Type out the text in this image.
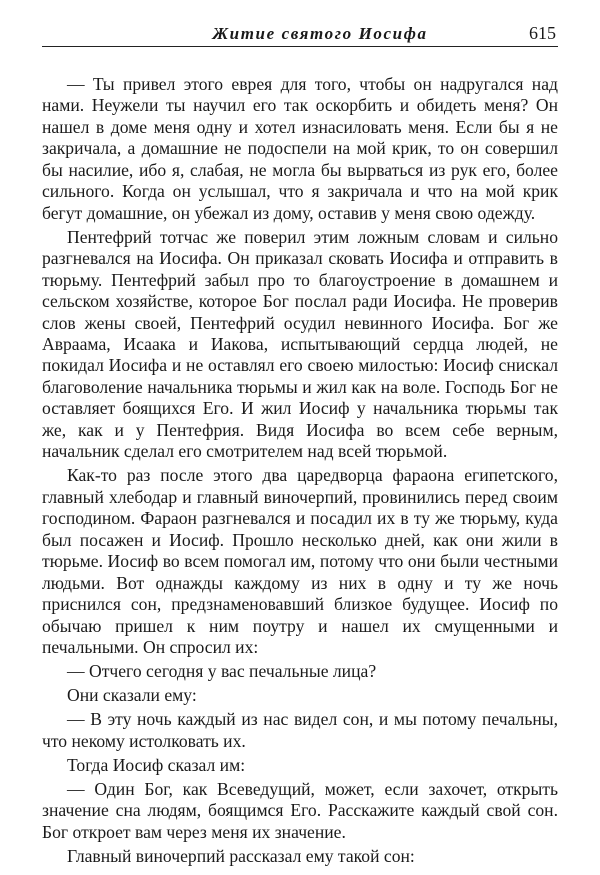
Житие святого Иосифа	615

— Ты привел этого еврея для того, чтобы он надругался над нами. Неужели ты научил его так оскорбить и обидеть меня? Он нашел в доме меня одну и хотел изнасиловать меня. Если бы я не закричала, а домашние не подоспели на мой крик, то он совершил бы насилие, ибо я, слабая, не могла бы вырваться из рук его, более сильного. Когда он услышал, что я закричала и что на мой крик бегут домашние, он убежал из дому, оставив у меня свою одежду.

Пентефрий тотчас же поверил этим ложным словам и сильно разгневался на Иосифа. Он приказал сковать Иосифа и отправить в тюрьму. Пентефрий забыл про то благоустроение в домашнем и сельском хозяйстве, которое Бог послал ради Иосифа. Не проверив слов жены своей, Пентефрий осудил невинного Иосифа. Бог же Авраама, Исаака и Иакова, испытывающий сердца людей, не покидал Иосифа и не оставлял его своею милостью: Иосиф снискал благоволение начальника тюрьмы и жил как на воле. Господь Бог не оставляет боящихся Его. И жил Иосиф у начальника тюрьмы так же, как и у Пентефрия. Видя Иосифа во всем себе верным, начальник сделал его смотрителем над всей тюрьмой.

Как-то раз после этого два царедворца фараона египетского, главный хлебодар и главный виночерпий, провинились перед своим господином. Фараон разгневался и посадил их в ту же тюрьму, куда был посажен и Иосиф. Прошло несколько дней, как они жили в тюрьме. Иосиф во всем помогал им, потому что они были честными людьми. Вот однажды каждому из них в одну и ту же ночь приснился сон, предзнаменовавший близкое будущее. Иосиф по обычаю пришел к ним поутру и нашел их смущенными и печальными. Он спросил их:

— Отчего сегодня у вас печальные лица?

Они сказали ему:

— В эту ночь каждый из нас видел сон, и мы потому печальны, что некому истолковать их.

Тогда Иосиф сказал им:

— Один Бог, как Всеведущий, может, если захочет, открыть значение сна людям, боящимся Его. Расскажите каждый свой сон. Бог откроет вам через меня их значение.

Главный виночерпий рассказал ему такой сон:
